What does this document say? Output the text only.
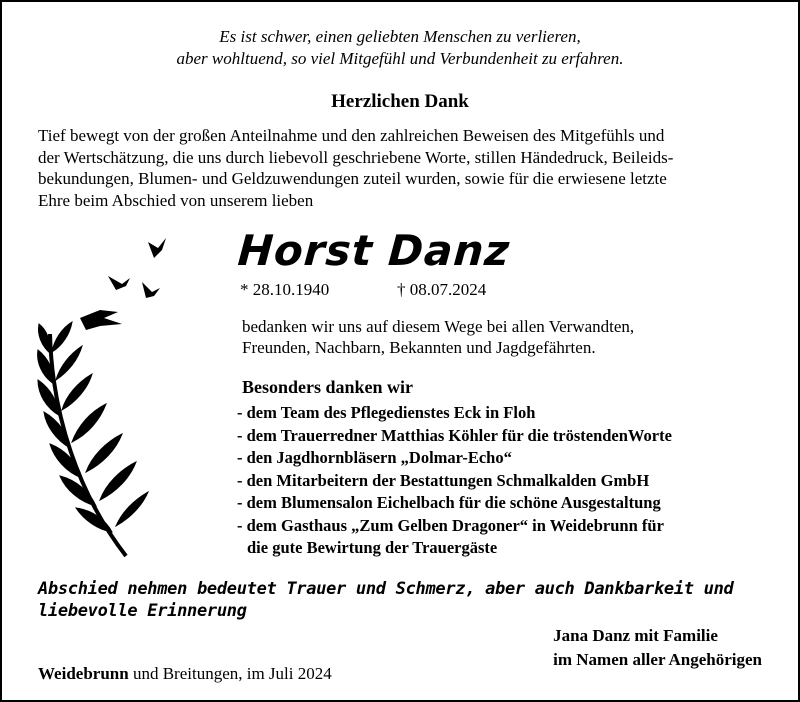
Es ist schwer, einen geliebten Menschen zu verlieren,
aber wohltuend, so viel Mitgefühl und Verbundenheit zu erfahren.
Herzlichen Dank
Tief bewegt von der großen Anteilnahme und den zahlreichen Beweisen des Mitgefühls und
der Wertschätzung, die uns durch liebevoll geschriebene Worte, stillen Händedruck, Beileids-
bekundungen, Blumen- und Geldzuwendungen zuteil wurden, sowie für die erwiesene letzte
Ehre beim Abschied von unserem lieben
Horst Danz
* 28.10.1940	† 08.07.2024
bedanken wir uns auf diesem Wege bei allen Verwandten,
Freunden, Nachbarn, Bekannten und Jagdgefährten.
Besonders danken wir
- dem Team des Pflegedienstes Eck in Floh
- dem Trauerredner Matthias Köhler für die tröstendenWorte
- den Jagdhornbläsern „Dolmar-Echo“
- den Mitarbeitern der Bestattungen Schmalkalden GmbH
- dem Blumensalon Eichelbach für die schöne Ausgestaltung
- dem Gasthaus „Zum Gelben Dragoner“ in Weidebrunn für
die gute Bewirtung der Trauergäste
Abschied nehmen bedeutet Trauer und Schmerz, aber auch Dankbarkeit und
liebevolle Erinnerung
Jana Danz mit Familie
im Namen aller Angehörigen
Weidebrunn und Breitungen, im Juli 2024
